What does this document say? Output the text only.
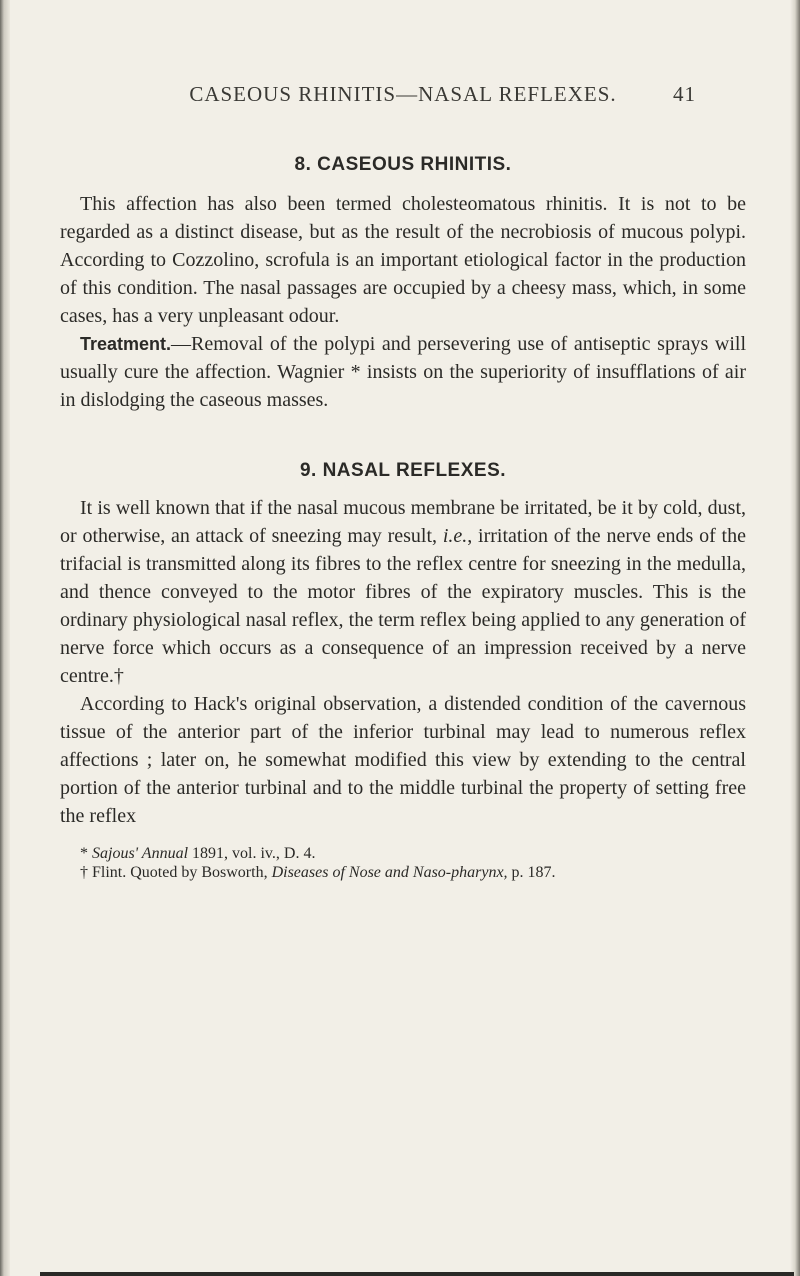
CASEOUS RHINITIS—NASAL REFLEXES.	41
8. CASEOUS RHINITIS.

This affection has also been termed cholesteomatous rhinitis. It is not to be regarded as a distinct disease, but as the result of the necrobiosis of mucous polypi. According to Cozzolino, scrofula is an important etiological factor in the production of this condition. The nasal passages are occupied by a cheesy mass, which, in some cases, has a very unpleasant odour.

Treatment.—Removal of the polypi and persevering use of antiseptic sprays will usually cure the affection. Wagnier * insists on the superiority of insufflations of air in dislodging the caseous masses.

9. NASAL REFLEXES.

It is well known that if the nasal mucous membrane be irritated, be it by cold, dust, or otherwise, an attack of sneezing may result, i.e., irritation of the nerve ends of the trifacial is transmitted along its fibres to the reflex centre for sneezing in the medulla, and thence conveyed to the motor fibres of the expiratory muscles. This is the ordinary physiological nasal reflex, the term reflex being applied to any generation of nerve force which occurs as a consequence of an impression received by a nerve centre.†

According to Hack's original observation, a distended condition of the cavernous tissue of the anterior part of the inferior turbinal may lead to numerous reflex affections ; later on, he somewhat modified this view by extending to the central portion of the anterior turbinal and to the middle turbinal the property of setting free the reflex

* Sajous' Annual 1891, vol. iv., D. 4.

† Flint. Quoted by Bosworth, Diseases of Nose and Naso-pharynx, p. 187.
